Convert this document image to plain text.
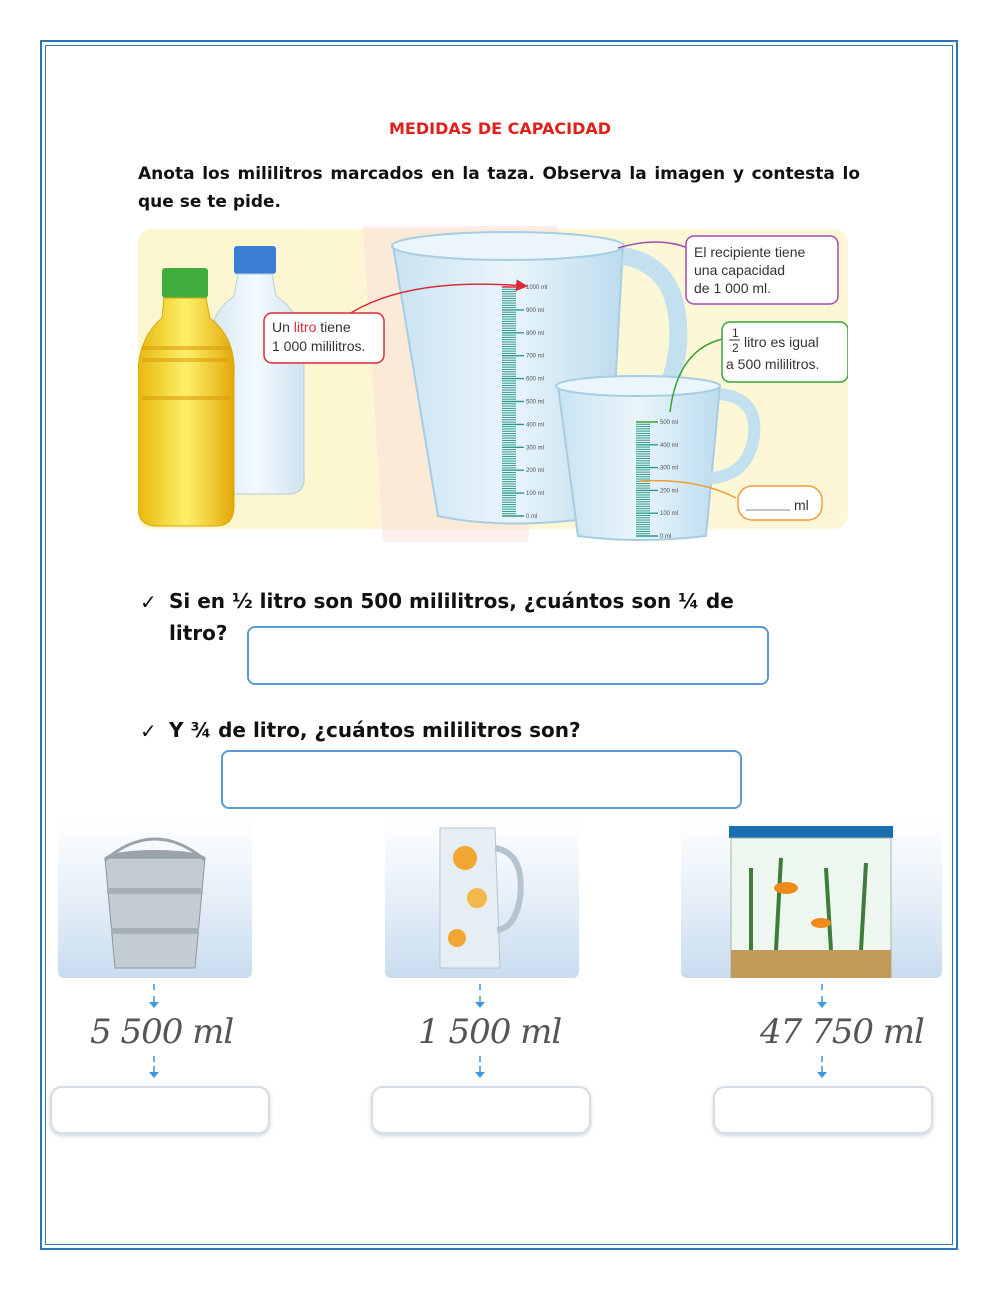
MEDIDAS DE CAPACIDAD
Anota los mililitros marcados en la taza. Observa la imagen y contesta lo que se te pide.
1000 ml
900 ml
800 ml
700 ml
600 ml
500 ml
400 ml
300 ml
200 ml
100 ml
0 ml
500 ml
400 ml
300 ml
200 ml
100 ml
0 ml
Un litro tiene
1 000 mililitros.
El recipiente tiene
una capacidad
de 1 000 ml.
1
2 litro es igual
a 500 mililitros.
ml
✓ Si en ½ litro son 500 mililitros, ¿cuántos son ¼ de
litro?
✓ Y ¾ de litro, ¿cuántos mililitros son?
5 500 ml	1 500 ml	47 750 ml
